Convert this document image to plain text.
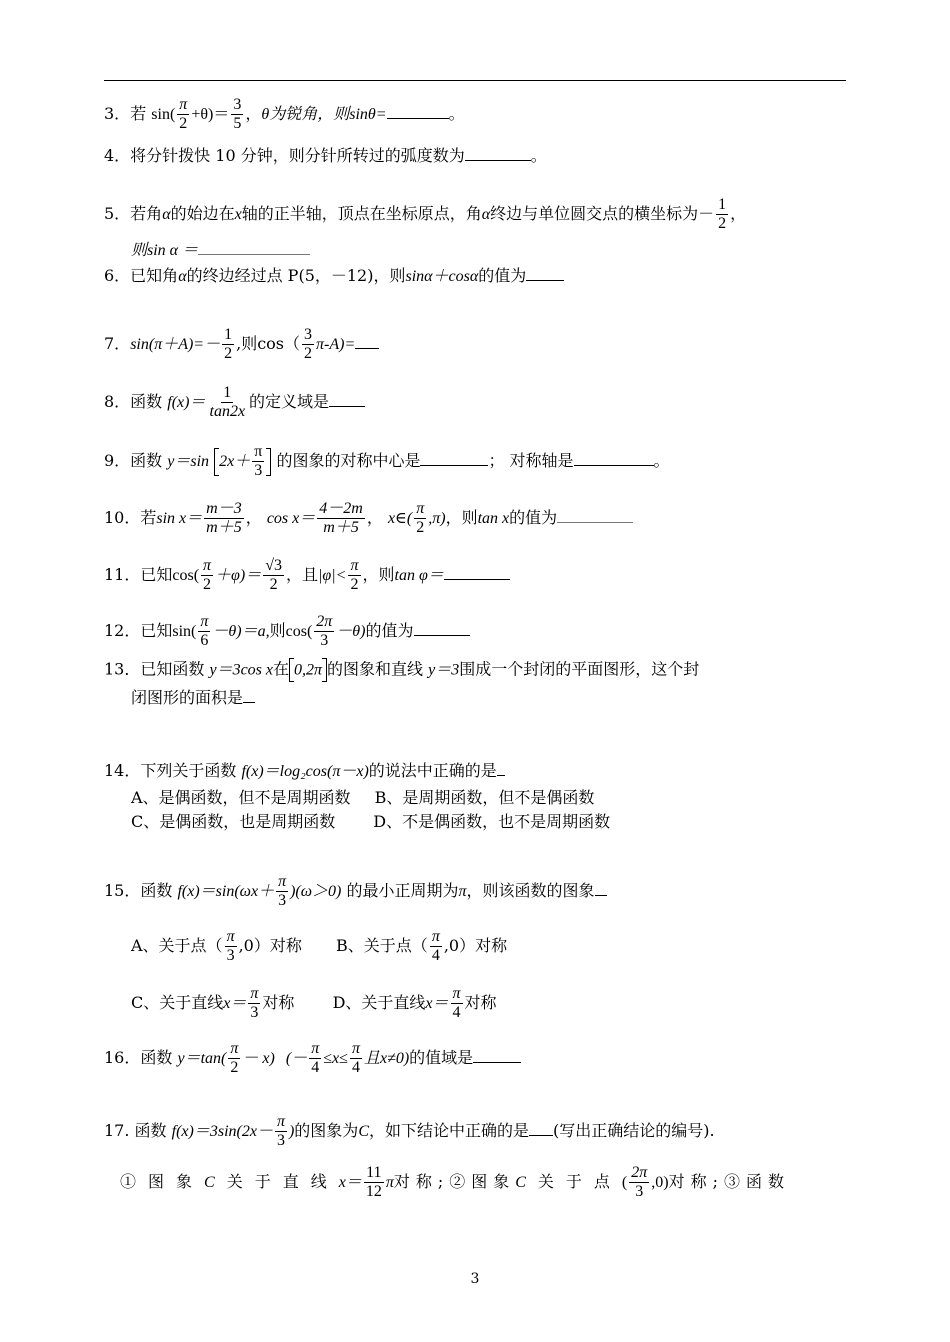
3．若 $\sin( \frac{\pi}{2} +\theta)= \frac{3}{5}$ ，θ为锐角，则sinθ=	。
4．将分针拨快 10 分钟，则分针所转过的弧度数为	。
5．若角α的始边在x轴的正半轴，顶点在坐标原点，角α终边与单位圆交点的横坐标为－ $\frac{1}{2}$ ，
则sin α ＝
6．已知角α的终边经过点 P(5，－12)，则sinα＋cosα的值为
7．$\sin(\pi+A)=- \frac{1}{2}$ ,则$\cos( \frac{3}{2} \pi-A)=$
8．函数 $f(x)= \frac{1}{\tan 2x}$ 的定义域是
9．函数 y＝sin $2x+ \frac{\pi}{3}$ 的图象的对称中心是	； 对称轴是	。
10．若$\sin x= \frac{m-3}{m+5}$ ， $\cos x= \frac{4-2m}{m+5}$ ， x∈( $\frac{\pi}{2} ,\pi$)，则tan x的值为
11．已知$\cos( \frac{\pi}{2} +\varphi)= \frac{√3}{2}$ ，且$|\varphi|< \frac{\pi}{2}$ ，则tan φ＝
12．已知$\sin( \frac{\pi}{6} -\theta)=a$,则$\cos( \frac{2\pi}{3} -\theta)$的值为
13．已知函数 y＝3cos x在 0,2π 的图象和直线 y＝3围成一个封闭的平面图形，这个封
闭图形的面积是
14．下列关于函数 f(x)＝log₂cos(π－x)的说法中正确的是
A、是偶函数，但不是周期函数 B、是周期函数，但不是偶函数
C、是偶函数，也是周期函数 D、不是偶函数，也不是周期函数
15．函数 $f(x)=\sin(\omega x+ \frac{\pi}{3} )(\omega>0)$ 的最小正周期为π，则该函数的图象
A、关于点（ $\frac{\pi}{3} ,0$）对称 B、关于点（ $\frac{\pi}{4} ,0$）对称
C、关于直线$x= \frac{\pi}{3}$ 对称 D、关于直线$x= \frac{\pi}{4}$ 对称
16．函数 $y=\tan( \frac{\pi}{2} - x)$ (－ $\frac{\pi}{4} \le x\le \frac{\pi}{4}$ 且x≠0)的值域是
17. 函数 $f(x)=3\sin(2x- \frac{\pi}{3}$ )的图象为C，如下结论中正确的是 (写出正确结论的编号).
①图象C 关于直线$x= \frac{11}{12}$ π对称;②图象C 关于点( $\frac{2\pi}{3} ,0$)对称;③函数
3
